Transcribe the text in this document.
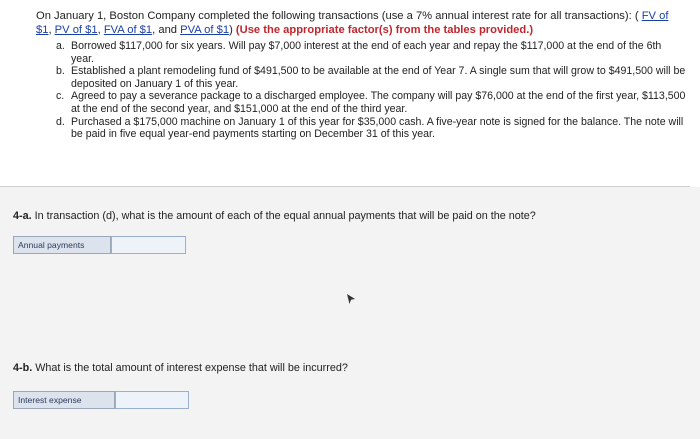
On January 1, Boston Company completed the following transactions (use a 7% annual interest rate for all transactions): ( FV of $1, PV of $1, FVA of $1, and PVA of $1) (Use the appropriate factor(s) from the tables provided.)
a. Borrowed $117,000 for six years. Will pay $7,000 interest at the end of each year and repay the $117,000 at the end of the 6th year.
b. Established a plant remodeling fund of $491,500 to be available at the end of Year 7. A single sum that will grow to $491,500 will be deposited on January 1 of this year.
c. Agreed to pay a severance package to a discharged employee. The company will pay $76,000 at the end of the first year, $113,500 at the end of the second year, and $151,000 at the end of the third year.
d. Purchased a $175,000 machine on January 1 of this year for $35,000 cash. A five-year note is signed for the balance. The note will be paid in five equal year-end payments starting on December 31 of this year.
4-a. In transaction (d), what is the amount of each of the equal annual payments that will be paid on the note?
Annual payments
4-b. What is the total amount of interest expense that will be incurred?
Interest expense
